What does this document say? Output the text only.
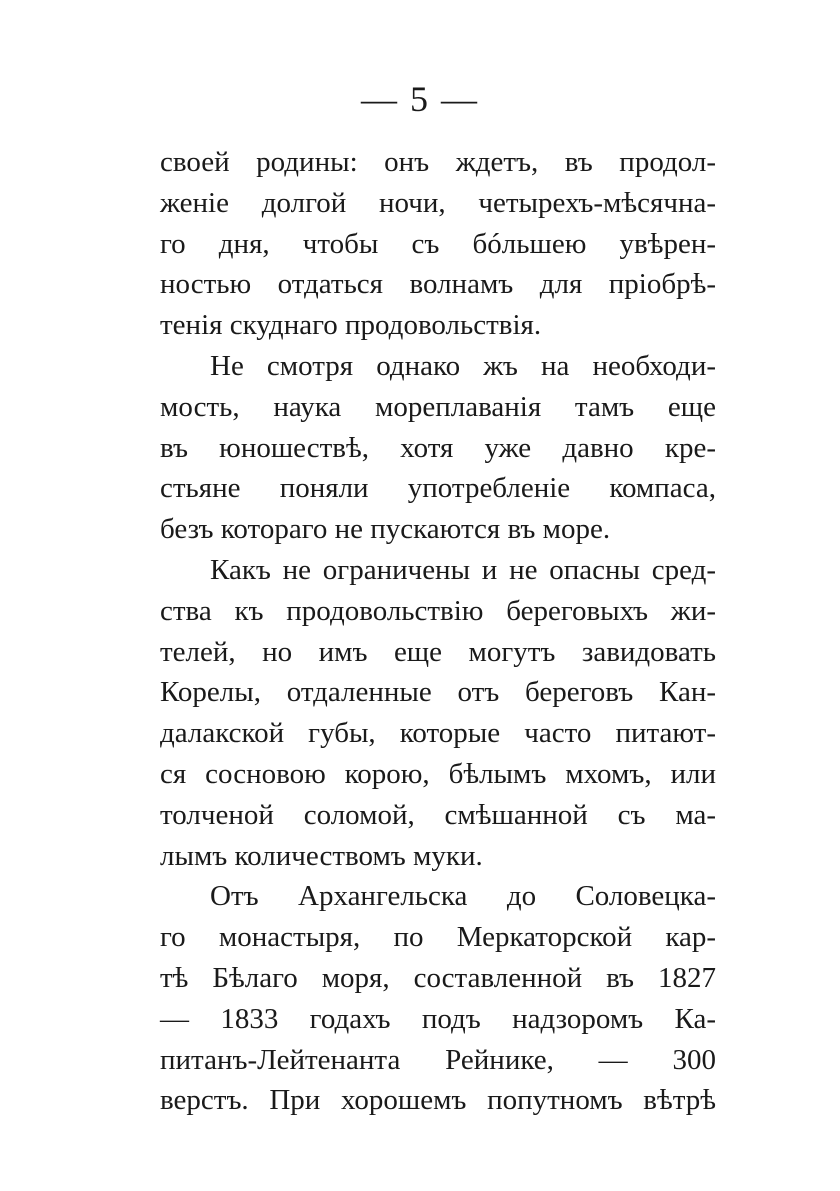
— 5 —
своей родины: онъ ждетъ, въ продол-
женіе долгой ночи, четырехъ-мѣсячна-
го дня, чтобы съ бóльшею увѣрен-
ностью отдаться волнамъ для пріобрѣ-
тенія скуднаго продовольствія.
Не смотря однако жъ на необходи-
мость, наука мореплаванія тамъ еще
въ юношествѣ, хотя уже давно кре-
стьяне поняли употребленіе компаса,
безъ котораго не пускаются въ море.
Какъ не ограничены и не опасны сред-
ства къ продовольствію береговыхъ жи-
телей, но имъ еще могутъ завидовать
Корелы, отдаленные отъ береговъ Кан-
далакской губы, которые часто питают-
ся сосновою корою, бѣлымъ мхомъ, или
толченой соломой, смѣшанной съ ма-
лымъ количествомъ муки.
Отъ Архангельска до Соловецка-
го монастыря, по Меркаторской кар-
тѣ Бѣлаго моря, составленной въ 1827
— 1833 годахъ подъ надзоромъ Ка-
питанъ-Лейтенанта Рейнике, — 300
верстъ. При хорошемъ попутномъ вѣтрѣ
